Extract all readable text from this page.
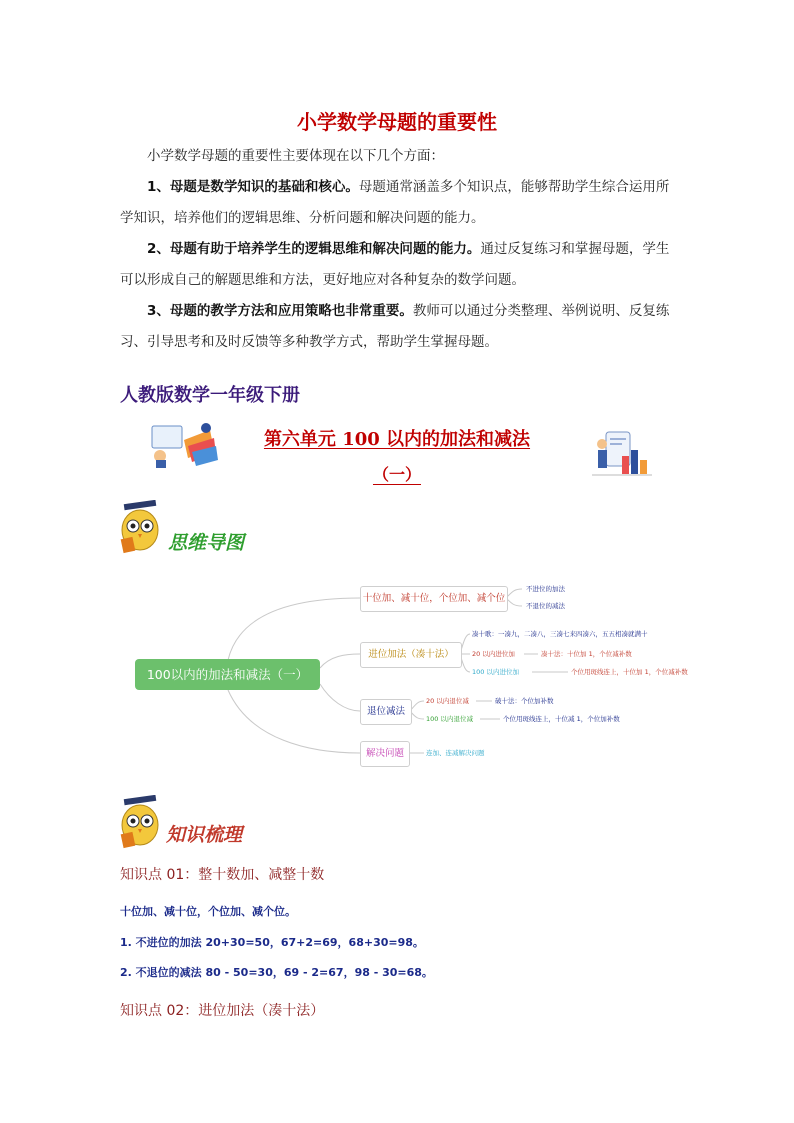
小学数学母题的重要性
小学数学母题的重要性主要体现在以下几个方面：
1、母题是数学知识的基础和核心。母题通常涵盖多个知识点，能够帮助学生综合运用所学知识，培养他们的逻辑思维、分析问题和解决问题的能力。
2、母题有助于培养学生的逻辑思维和解决问题的能力。通过反复练习和掌握母题，学生可以形成自己的解题思维和方法，更好地应对各种复杂的数学问题。
3、母题的教学方法和应用策略也非常重要。教师可以通过分类整理、举例说明、反复练习、引导思考和及时反馈等多种教学方式，帮助学生掌握母题。
人教版数学一年级下册
第六单元 100 以内的加法和减法
（一）
思维导图
100以内的加法和减法（一）
十位加、减十位，个位加、减个位
进位加法（凑十法）
退位减法
解决问题
不进位的加法
不退位的减法
凑十歌：一凑九，二凑八，三凑七来四凑六，五五相凑就满十
20 以内进位加	凑十法：十位加 1，个位减补数
100 以内进位加	个位用斑线连上，十位加 1，个位减补数
20 以内退位减	破十法：个位加补数
100 以内退位减	个位用斑线连上，十位减 1，个位加补数
连加、连减解决问题
知识梳理
知识点 01：整十数加、减整十数
十位加、减十位，个位加、减个位。
1. 不进位的加法 20+30=50，67+2=69，68+30=98。
2. 不退位的减法 80 - 50=30，69 - 2=67，98 - 30=68。
知识点 02：进位加法（凑十法）
